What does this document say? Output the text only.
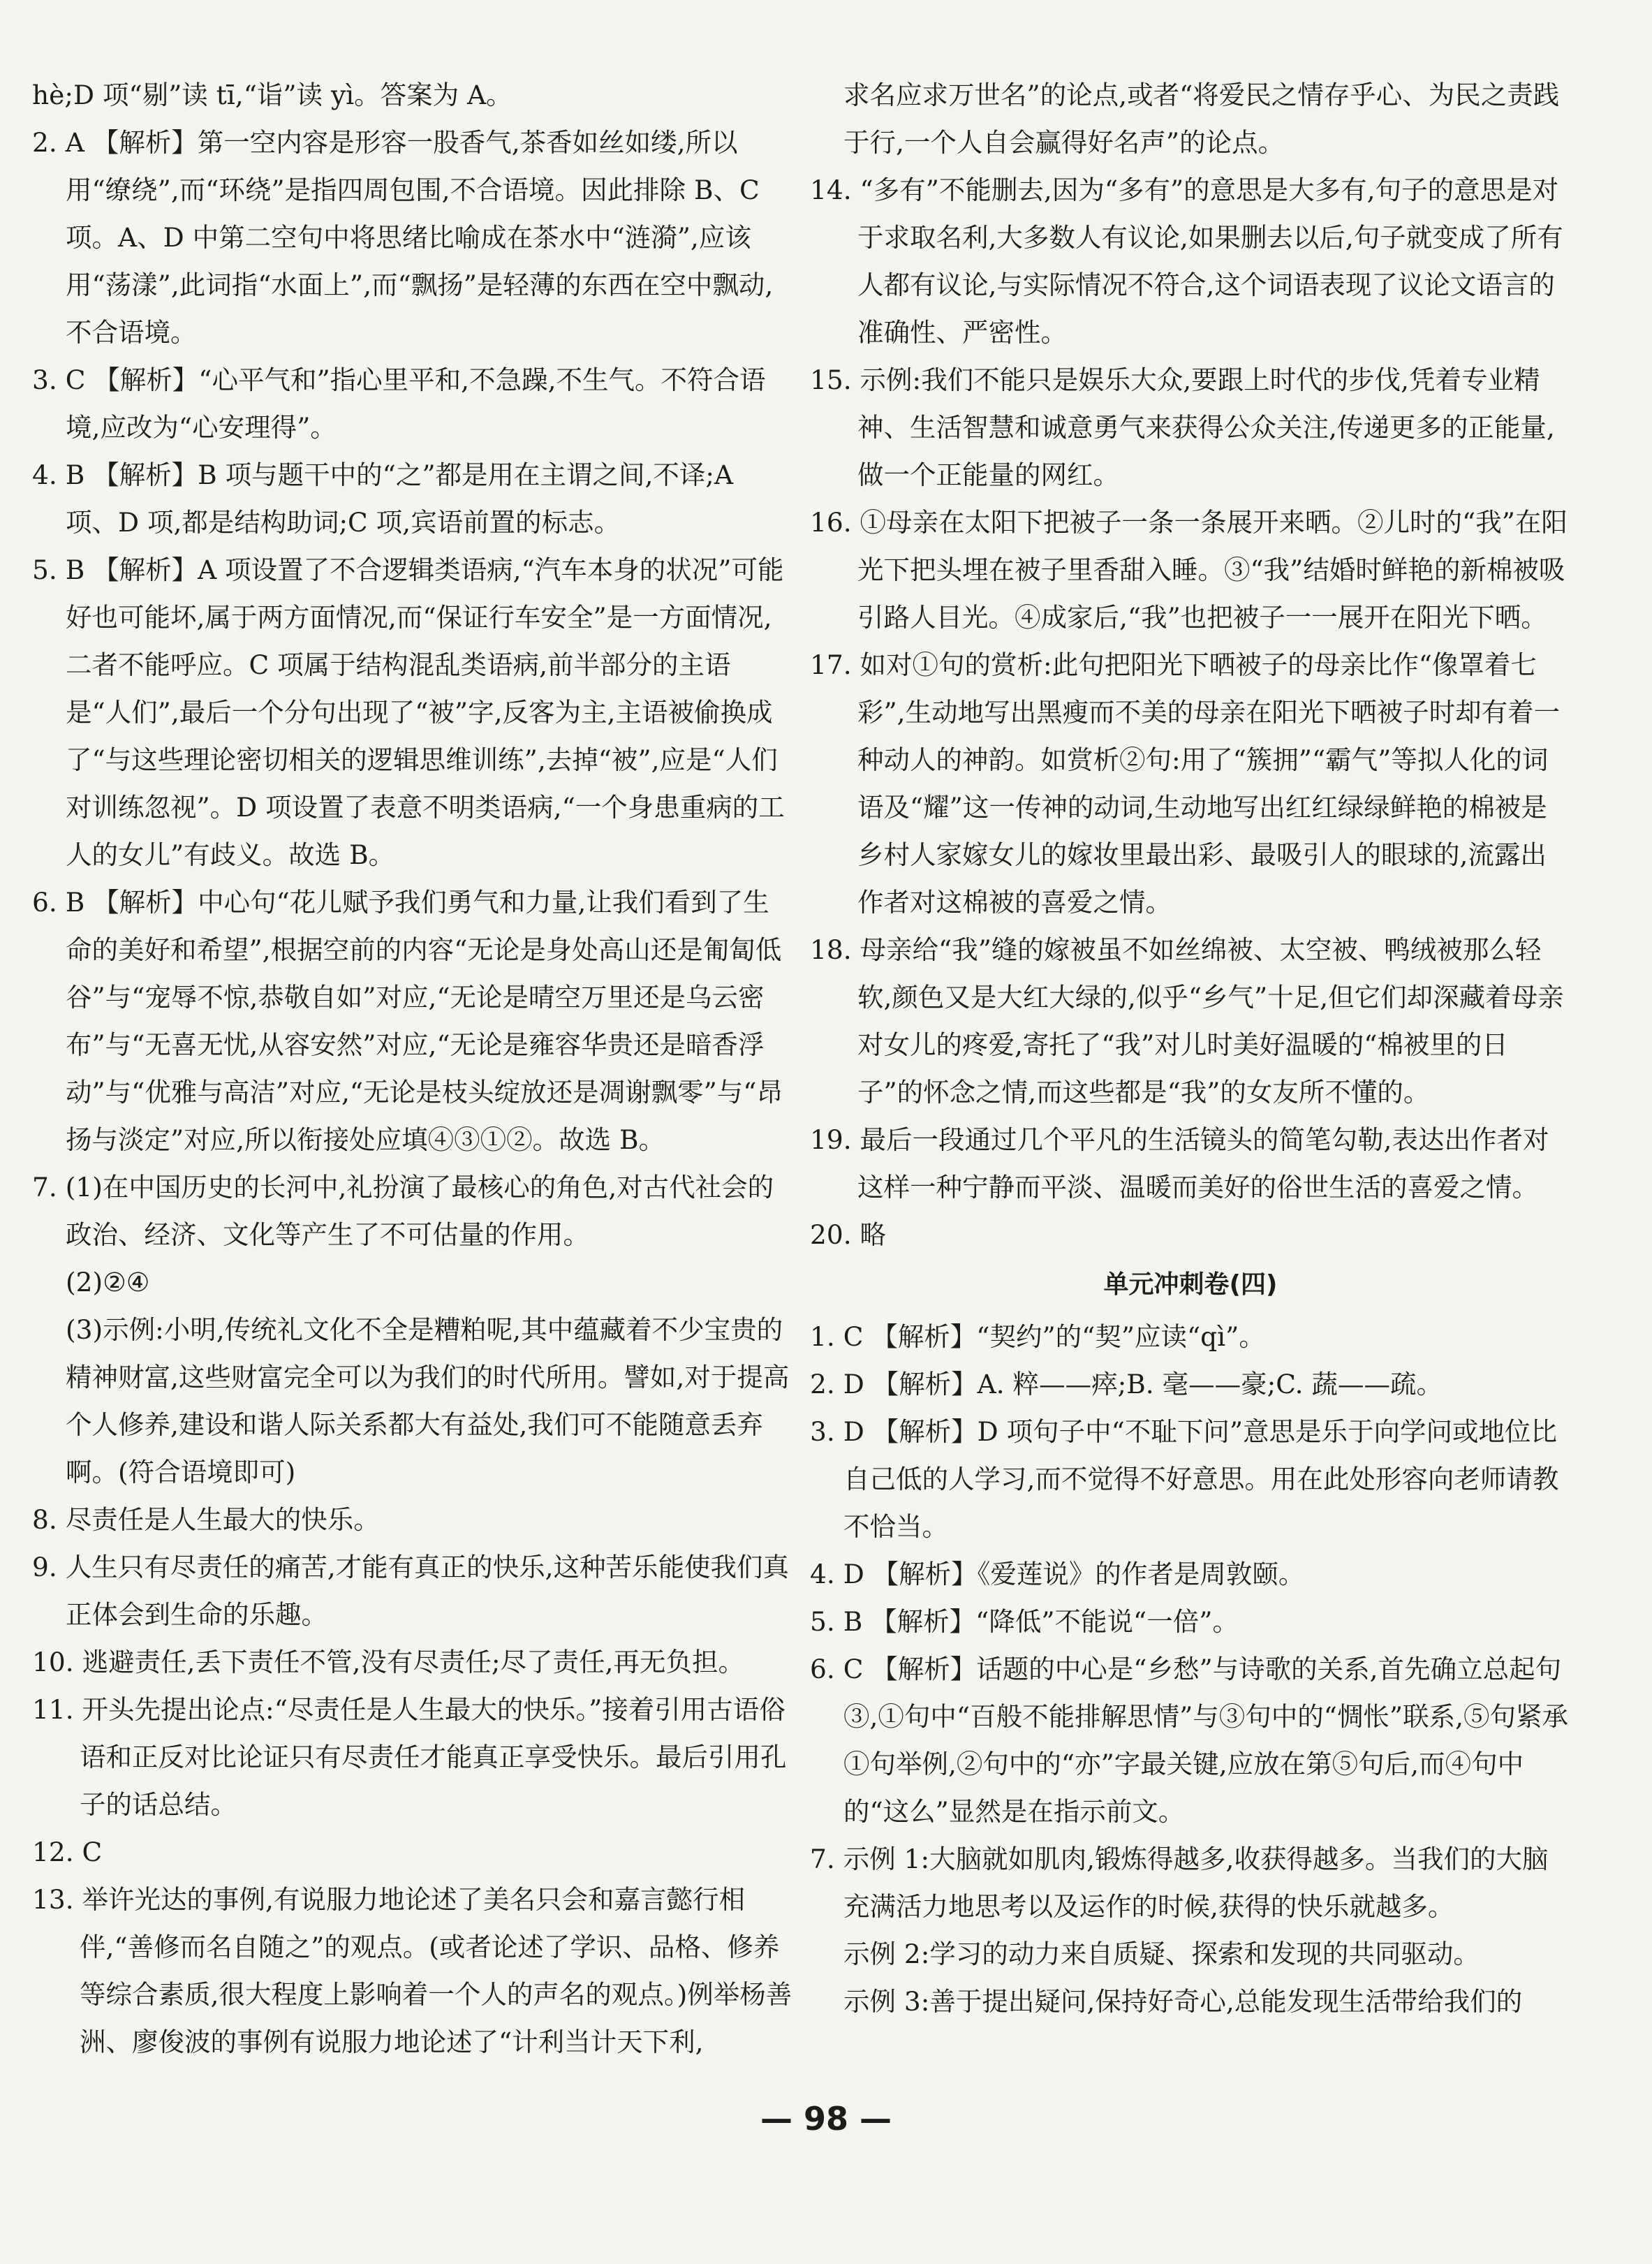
hè;D 项“剔”读 tī,“诣”读 yì。答案为 A。

2. A 【解析】第一空内容是形容一股香气,茶香如丝如缕,所以用“缭绕”,而“环绕”是指四周包围,不合语境。因此排除 B、C 项。A、D 中第二空句中将思绪比喻成在茶水中“涟漪”,应该用“荡漾”,此词指“水面上”,而“飘扬”是轻薄的东西在空中飘动,不合语境。

3. C 【解析】“心平气和”指心里平和,不急躁,不生气。不符合语境,应改为“心安理得”。

4. B 【解析】B 项与题干中的“之”都是用在主谓之间,不译;A 项、D 项,都是结构助词;C 项,宾语前置的标志。

5. B 【解析】A 项设置了不合逻辑类语病,“汽车本身的状况”可能好也可能坏,属于两方面情况,而“保证行车安全”是一方面情况,二者不能呼应。C 项属于结构混乱类语病,前半部分的主语是“人们”,最后一个分句出现了“被”字,反客为主,主语被偷换成了“与这些理论密切相关的逻辑思维训练”,去掉“被”,应是“人们对训练忽视”。D 项设置了表意不明类语病,“一个身患重病的工人的女儿”有歧义。故选 B。

6. B 【解析】中心句“花儿赋予我们勇气和力量,让我们看到了生命的美好和希望”,根据空前的内容“无论是身处高山还是匍匐低谷”与“宠辱不惊,恭敬自如”对应,“无论是晴空万里还是乌云密布”与“无喜无忧,从容安然”对应,“无论是雍容华贵还是暗香浮动”与“优雅与高洁”对应,“无论是枝头绽放还是凋谢飘零”与“昂扬与淡定”对应,所以衔接处应填④③①②。故选 B。

7. (1)在中国历史的长河中,礼扮演了最核心的角色,对古代社会的政治、经济、文化等产生了不可估量的作用。

(2)②④

(3)示例:小明,传统礼文化不全是糟粕呢,其中蕴藏着不少宝贵的精神财富,这些财富完全可以为我们的时代所用。譬如,对于提高个人修养,建设和谐人际关系都大有益处,我们可不能随意丢弃啊。(符合语境即可)

8. 尽责任是人生最大的快乐。

9. 人生只有尽责任的痛苦,才能有真正的快乐,这种苦乐能使我们真正体会到生命的乐趣。

10. 逃避责任,丢下责任不管,没有尽责任;尽了责任,再无负担。

11. 开头先提出论点:“尽责任是人生最大的快乐。”接着引用古语俗语和正反对比论证只有尽责任才能真正享受快乐。最后引用孔子的话总结。

12. C

13. 举许光达的事例,有说服力地论述了美名只会和嘉言懿行相伴,“善修而名自随之”的观点。(或者论述了学识、品格、修养等综合素质,很大程度上影响着一个人的声名的观点。)例举杨善洲、廖俊波的事例有说服力地论述了“计利当计天下利,

求名应求万世名”的论点,或者“将爱民之情存乎心、为民之责践于行,一个人自会赢得好名声”的论点。

14. “多有”不能删去,因为“多有”的意思是大多有,句子的意思是对于求取名利,大多数人有议论,如果删去以后,句子就变成了所有人都有议论,与实际情况不符合,这个词语表现了议论文语言的准确性、严密性。

15. 示例:我们不能只是娱乐大众,要跟上时代的步伐,凭着专业精神、生活智慧和诚意勇气来获得公众关注,传递更多的正能量,做一个正能量的网红。

16. ①母亲在太阳下把被子一条一条展开来晒。②儿时的“我”在阳光下把头埋在被子里香甜入睡。③“我”结婚时鲜艳的新棉被吸引路人目光。④成家后,“我”也把被子一一展开在阳光下晒。

17. 如对①句的赏析:此句把阳光下晒被子的母亲比作“像罩着七彩”,生动地写出黑瘦而不美的母亲在阳光下晒被子时却有着一种动人的神韵。如赏析②句:用了“簇拥”“霸气”等拟人化的词语及“耀”这一传神的动词,生动地写出红红绿绿鲜艳的棉被是乡村人家嫁女儿的嫁妆里最出彩、最吸引人的眼球的,流露出作者对这棉被的喜爱之情。

18. 母亲给“我”缝的嫁被虽不如丝绵被、太空被、鸭绒被那么轻软,颜色又是大红大绿的,似乎“乡气”十足,但它们却深藏着母亲对女儿的疼爱,寄托了“我”对儿时美好温暖的“棉被里的日子”的怀念之情,而这些都是“我”的女友所不懂的。

19. 最后一段通过几个平凡的生活镜头的简笔勾勒,表达出作者对这样一种宁静而平淡、温暖而美好的俗世生活的喜爱之情。

20. 略

单元冲刺卷(四)

1. C 【解析】“契约”的“契”应读“qì”。

2. D 【解析】A. 粹——瘁;B. 毫——豪;C. 蔬——疏。

3. D 【解析】D 项句子中“不耻下问”意思是乐于向学问或地位比自己低的人学习,而不觉得不好意思。用在此处形容向老师请教不恰当。

4. D 【解析】《爱莲说》的作者是周敦颐。

5. B 【解析】“降低”不能说“一倍”。

6. C 【解析】话题的中心是“乡愁”与诗歌的关系,首先确立总起句③,①句中“百般不能排解思情”与③句中的“惆怅”联系,⑤句紧承①句举例,②句中的“亦”字最关键,应放在第⑤句后,而④句中的“这么”显然是在指示前文。

7. 示例 1:大脑就如肌肉,锻炼得越多,收获得越多。当我们的大脑充满活力地思考以及运作的时候,获得的快乐就越多。

示例 2:学习的动力来自质疑、探索和发现的共同驱动。

示例 3:善于提出疑问,保持好奇心,总能发现生活带给我们的

— 98 —
